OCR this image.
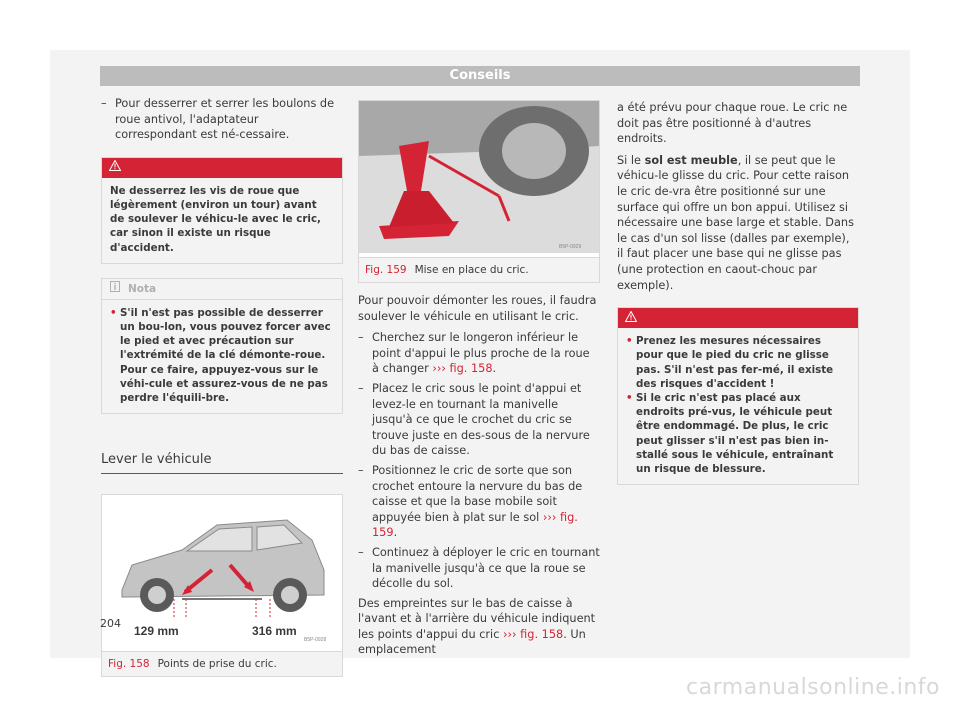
Conseils
– Pour desserrer et serrer les boulons de roue antivol, l'adaptateur correspondant est né-cessaire.
AVERTISSEMENT
Ne desserrez les vis de roue que légèrement (environ un tour) avant de soulever le véhicu-le avec le cric, car sinon il existe un risque d'accident.
Nota
• S'il n'est pas possible de desserrer un bou-lon, vous pouvez forcer avec le pied et avec précaution sur l'extrémité de la clé démonte-roue. Pour ce faire, appuyez-vous sur le véhi-cule et assurez-vous de ne pas perdre l'équili-bre.
Lever le véhicule
129 mm	316 mm
B5P-0928
Fig. 158 Points de prise du cric.
B5P-0929
Fig. 159 Mise en place du cric.

Pour pouvoir démonter les roues, il faudra soulever le véhicule en utilisant le cric.

– Cherchez sur le longeron inférieur le point d'appui le plus proche de la roue à changer ››› fig. 158.
– Placez le cric sous le point d'appui et levez-le en tournant la manivelle jusqu'à ce que le crochet du cric se trouve juste en des-sous de la nervure du bas de caisse.
– Positionnez le cric de sorte que son crochet entoure la nervure du bas de caisse et que la base mobile soit appuyée bien à plat sur le sol ››› fig. 159.
– Continuez à déployer le cric en tournant la manivelle jusqu'à ce que la roue se décolle du sol.

Des empreintes sur le bas de caisse à l'avant et à l'arrière du véhicule indiquent les points d'appui du cric ››› fig. 158. Un emplacement

a été prévu pour chaque roue. Le cric ne doit pas être positionné à d'autres endroits.

Si le sol est meuble, il se peut que le véhicu-le glisse du cric. Pour cette raison le cric de-vra être positionné sur une surface qui offre un bon appui. Utilisez si nécessaire une base large et stable. Dans le cas d'un sol lisse (dalles par exemple), il faut placer une base qui ne glisse pas (une protection en caout-chouc par exemple).

AVERTISSEMENT
• Prenez les mesures nécessaires pour que le pied du cric ne glisse pas. S'il n'est pas fer-mé, il existe des risques d'accident !
• Si le cric n'est pas placé aux endroits pré-vus, le véhicule peut être endommagé. De plus, le cric peut glisser s'il n'est pas bien in-stallé sous le véhicule, entraînant un risque de blessure.
204
carmanualsonline.info
